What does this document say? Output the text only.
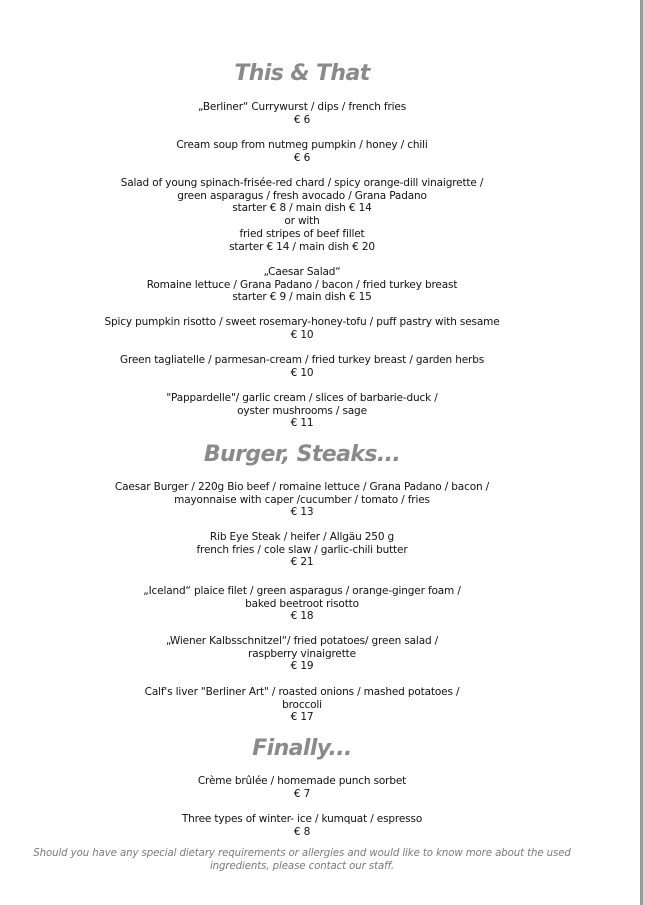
This & That
„Berliner“ Currywurst / dips / french fries
€ 6
Cream soup from nutmeg pumpkin / honey / chili
€ 6
Salad of young spinach-frisée-red chard / spicy orange-dill vinaigrette /
green asparagus / fresh avocado / Grana Padano
starter € 8 / main dish € 14
or with
fried stripes of beef fillet
starter € 14 / main dish € 20
„Caesar Salad“
Romaine lettuce / Grana Padano / bacon / fried turkey breast
starter € 9 / main dish € 15
Spicy pumpkin risotto / sweet rosemary-honey-tofu / puff pastry with sesame
€ 10
Green tagliatelle / parmesan-cream / fried turkey breast / garden herbs
€ 10
"Pappardelle"/ garlic cream / slices of barbarie-duck /
oyster mushrooms / sage
€ 11
Burger, Steaks...
Caesar Burger / 220g Bio beef / romaine lettuce / Grana Padano / bacon /
mayonnaise with caper /cucumber / tomato / fries
€ 13
Rib Eye Steak / heifer / Allgäu 250 g
french fries / cole slaw / garlic-chili butter
€ 21
„Iceland“ plaice filet / green asparagus / orange-ginger foam /
baked beetroot risotto
€ 18
„Wiener Kalbsschnitzel“/ fried potatoes/ green salad /
raspberry vinaigrette
€ 19
Calf's liver "Berliner Art" / roasted onions / mashed potatoes /
broccoli
€ 17
Finally...
Crème brûlée / homemade punch sorbet
€ 7
Three types of winter- ice / kumquat / espresso
€ 8
Should you have any special dietary requirements or allergies and would like to know more about the used
ingredients, please contact our staff.
